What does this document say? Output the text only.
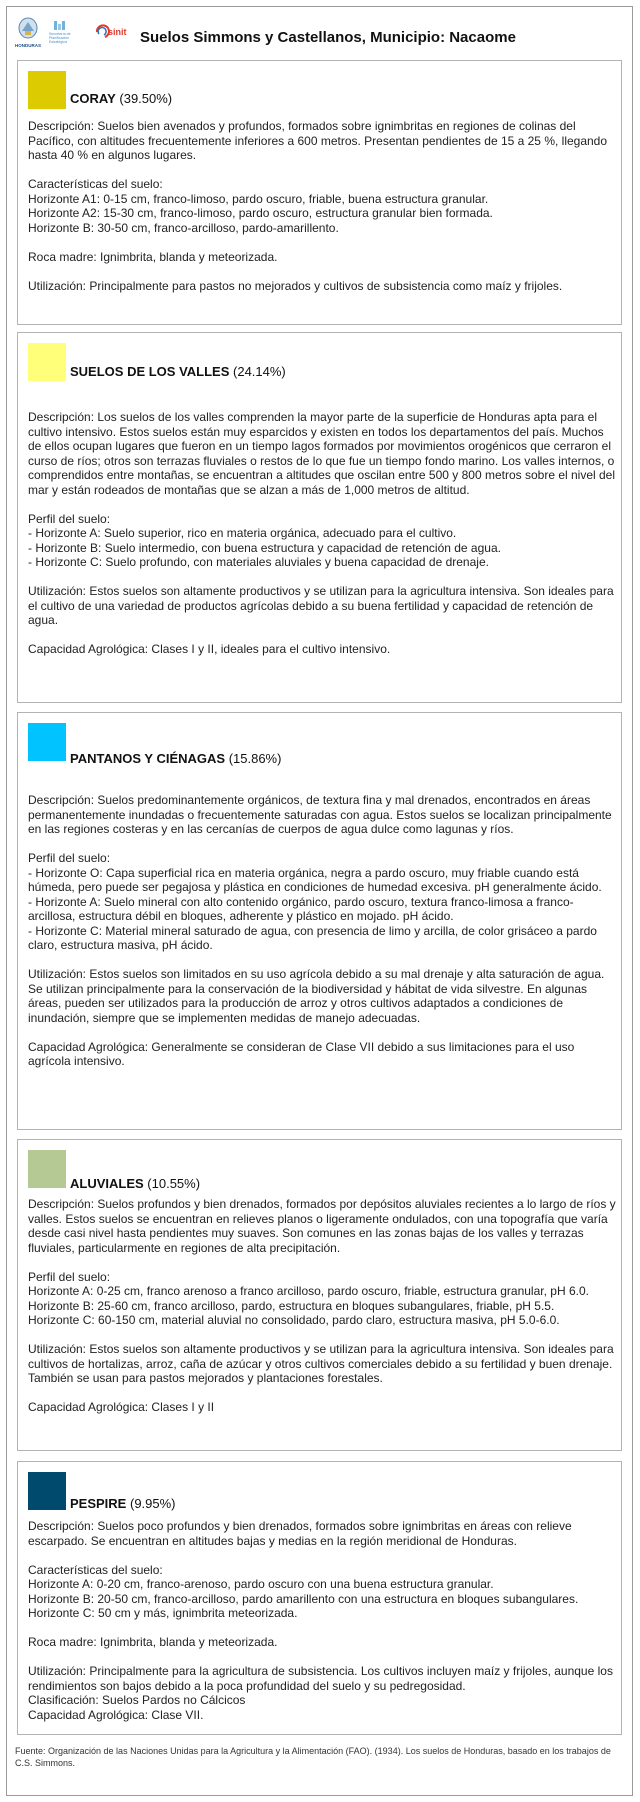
HONDURAS
Secretaría de Planificación Estratégica
sinit Suelos Simmons y Castellanos, Municipio: Nacaome
CORAY (39.50%)

Descripción: Suelos bien avenados y profundos, formados sobre ignimbritas en regiones de colinas del Pacífico, con altitudes frecuentemente inferiores a 600 metros. Presentan pendientes de 15 a 25 %, llegando hasta 40 % en algunos lugares.

Características del suelo:
Horizonte A1: 0-15 cm, franco-limoso, pardo oscuro, friable, buena estructura granular.
Horizonte A2: 15-30 cm, franco-limoso, pardo oscuro, estructura granular bien formada.
Horizonte B: 30-50 cm, franco-arcilloso, pardo-amarillento.

Roca madre: Ignimbrita, blanda y meteorizada.

Utilización: Principalmente para pastos no mejorados y cultivos de subsistencia como maíz y frijoles.

SUELOS DE LOS VALLES (24.14%)

Descripción: Los suelos de los valles comprenden la mayor parte de la superficie de Honduras apta para el cultivo intensivo. Estos suelos están muy esparcidos y existen en todos los departamentos del país. Muchos de ellos ocupan lugares que fueron en un tiempo lagos formados por movimientos orogénicos que cerraron el curso de ríos; otros son terrazas fluviales o restos de lo que fue un tiempo fondo marino. Los valles internos, o comprendidos entre montañas, se encuentran a altitudes que oscilan entre 500 y 800 metros sobre el nivel del mar y están rodeados de montañas que se alzan a más de 1,000 metros de altitud.

Perfil del suelo:
- Horizonte A: Suelo superior, rico en materia orgánica, adecuado para el cultivo.
- Horizonte B: Suelo intermedio, con buena estructura y capacidad de retención de agua.
- Horizonte C: Suelo profundo, con materiales aluviales y buena capacidad de drenaje.

Utilización: Estos suelos son altamente productivos y se utilizan para la agricultura intensiva. Son ideales para el cultivo de una variedad de productos agrícolas debido a su buena fertilidad y capacidad de retención de agua.

Capacidad Agrológica: Clases I y II, ideales para el cultivo intensivo.

PANTANOS Y CIÉNAGAS (15.86%)

Descripción: Suelos predominantemente orgánicos, de textura fina y mal drenados, encontrados en áreas permanentemente inundadas o frecuentemente saturadas con agua. Estos suelos se localizan principalmente en las regiones costeras y en las cercanías de cuerpos de agua dulce como lagunas y ríos.

Perfil del suelo:
- Horizonte O: Capa superficial rica en materia orgánica, negra a pardo oscuro, muy friable cuando está húmeda, pero puede ser pegajosa y plástica en condiciones de humedad excesiva. pH generalmente ácido.
- Horizonte A: Suelo mineral con alto contenido orgánico, pardo oscuro, textura franco-limosa a franco-arcillosa, estructura débil en bloques, adherente y plástico en mojado. pH ácido.
- Horizonte C: Material mineral saturado de agua, con presencia de limo y arcilla, de color grisáceo a pardo claro, estructura masiva, pH ácido.

Utilización: Estos suelos son limitados en su uso agrícola debido a su mal drenaje y alta saturación de agua. Se utilizan principalmente para la conservación de la biodiversidad y hábitat de vida silvestre. En algunas áreas, pueden ser utilizados para la producción de arroz y otros cultivos adaptados a condiciones de inundación, siempre que se implementen medidas de manejo adecuadas.

Capacidad Agrológica: Generalmente se consideran de Clase VII debido a sus limitaciones para el uso agrícola intensivo.

ALUVIALES (10.55%)

Descripción: Suelos profundos y bien drenados, formados por depósitos aluviales recientes a lo largo de ríos y valles. Estos suelos se encuentran en relieves planos o ligeramente ondulados, con una topografía que varía desde casi nivel hasta pendientes muy suaves. Son comunes en las zonas bajas de los valles y terrazas fluviales, particularmente en regiones de alta precipitación.

Perfil del suelo:
Horizonte A: 0-25 cm, franco arenoso a franco arcilloso, pardo oscuro, friable, estructura granular, pH 6.0.
Horizonte B: 25-60 cm, franco arcilloso, pardo, estructura en bloques subangulares, friable, pH 5.5.
Horizonte C: 60-150 cm, material aluvial no consolidado, pardo claro, estructura masiva, pH 5.0-6.0.

Utilización: Estos suelos son altamente productivos y se utilizan para la agricultura intensiva. Son ideales para cultivos de hortalizas, arroz, caña de azúcar y otros cultivos comerciales debido a su fertilidad y buen drenaje. También se usan para pastos mejorados y plantaciones forestales.

Capacidad Agrológica: Clases I y II

PESPIRE (9.95%)

Descripción: Suelos poco profundos y bien drenados, formados sobre ignimbritas en áreas con relieve escarpado. Se encuentran en altitudes bajas y medias en la región meridional de Honduras.

Características del suelo:
Horizonte A: 0-20 cm, franco-arenoso, pardo oscuro con una buena estructura granular.
Horizonte B: 20-50 cm, franco-arcilloso, pardo amarillento con una estructura en bloques subangulares.
Horizonte C: 50 cm y más, ignimbrita meteorizada.

Roca madre: Ignimbrita, blanda y meteorizada.

Utilización: Principalmente para la agricultura de subsistencia. Los cultivos incluyen maíz y frijoles, aunque los rendimientos son bajos debido a la poca profundidad del suelo y su pedregosidad.
Clasificación: Suelos Pardos no Cálcicos
Capacidad Agrológica: Clase VII.

Fuente: Organización de las Naciones Unidas para la Agricultura y la Alimentación (FAO). (1934). Los suelos de Honduras, basado en los trabajos de C.S. Simmons.
